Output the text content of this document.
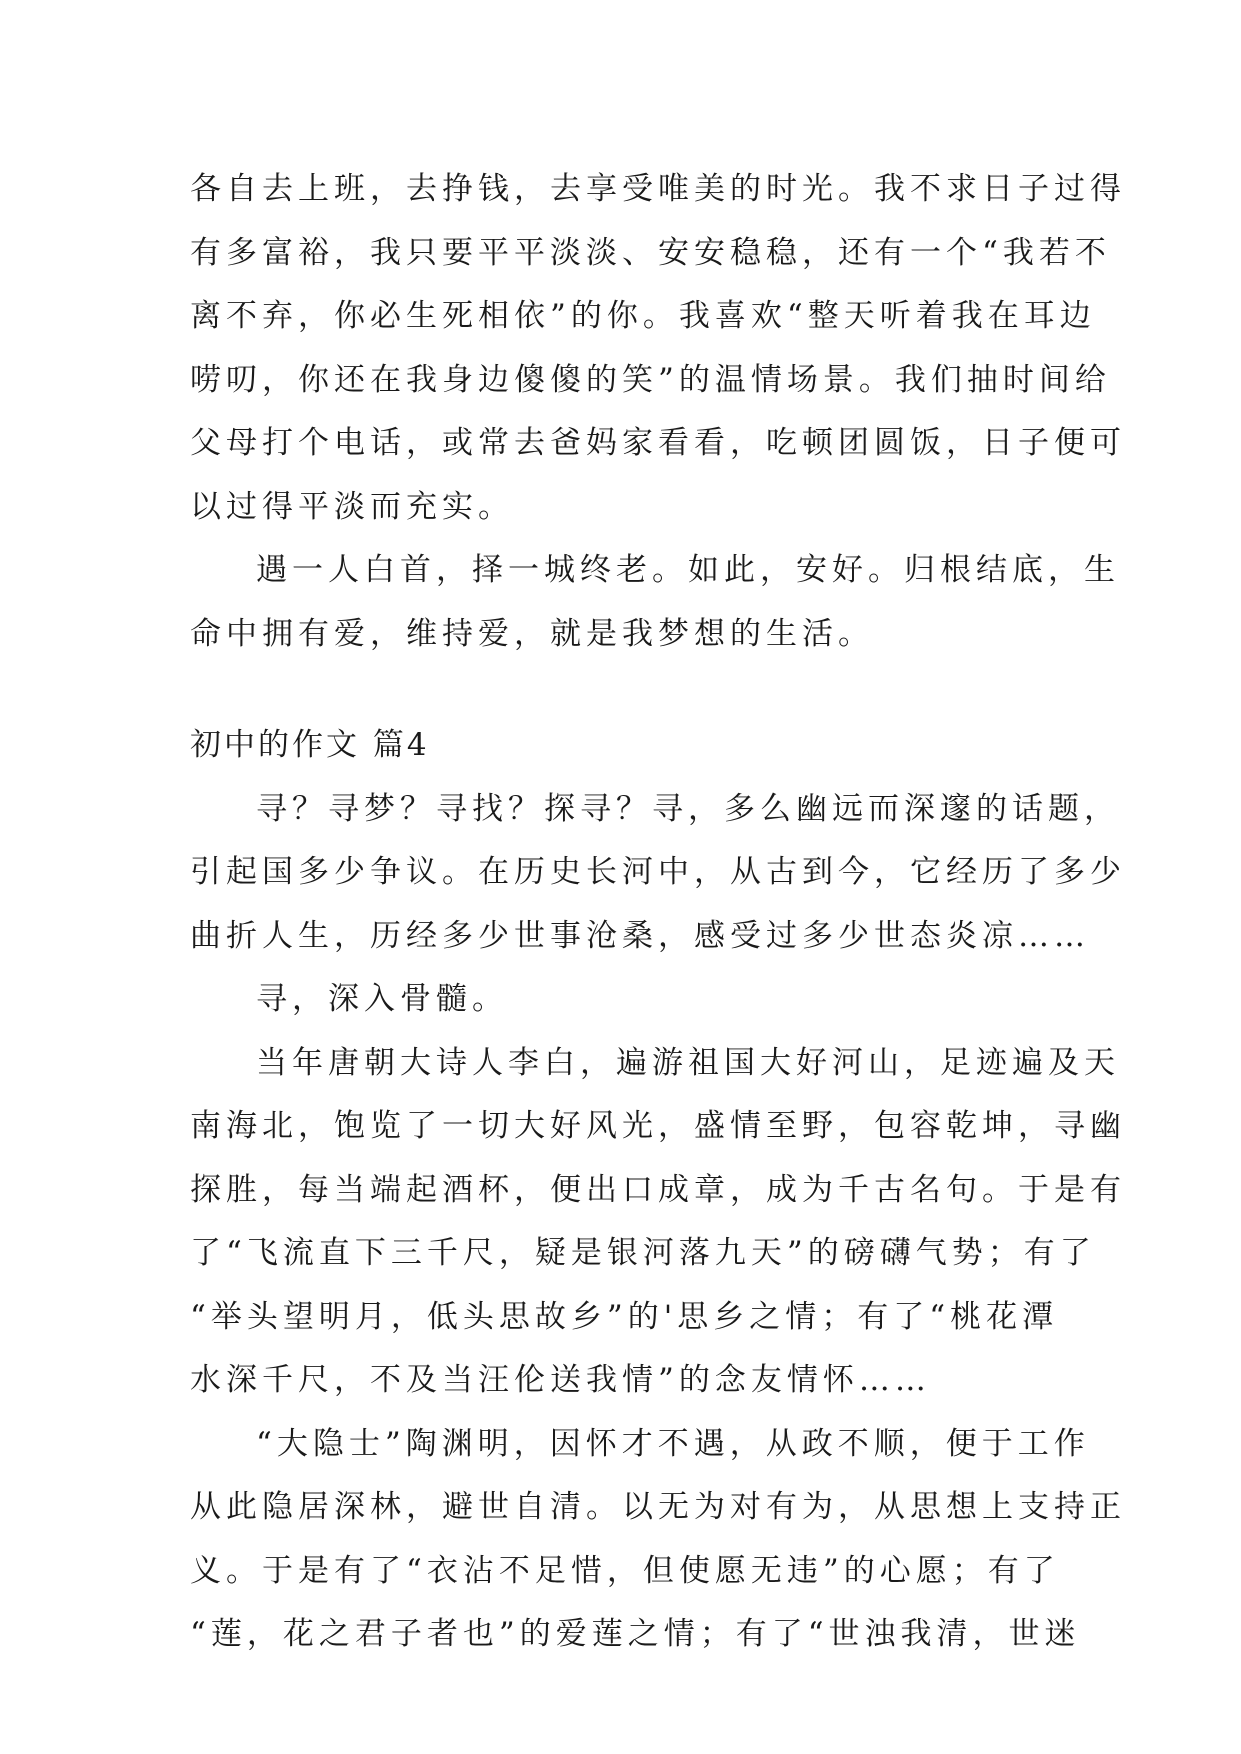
各自去上班，去挣钱，去享受唯美的时光。我不求日子过得
有多富裕，我只要平平淡淡、安安稳稳，还有一个“我若不
离不弃，你必生死相依”的你。我喜欢“整天听着我在耳边
唠叨，你还在我身边傻傻的笑”的温情场景。我们抽时间给
父母打个电话，或常去爸妈家看看，吃顿团圆饭，日子便可
以过得平淡而充实。
遇一人白首，择一城终老。如此，安好。归根结底，生
命中拥有爱，维持爱，就是我梦想的生活。
初中的作文 篇4
寻？寻梦？寻找？探寻？寻，多么幽远而深邃的话题，
引起国多少争议。在历史长河中，从古到今，它经历了多少
曲折人生，历经多少世事沧桑，感受过多少世态炎凉……
寻，深入骨髓。
当年唐朝大诗人李白，遍游祖国大好河山，足迹遍及天
南海北，饱览了一切大好风光，盛情至野，包容乾坤，寻幽
探胜，每当端起酒杯，便出口成章，成为千古名句。于是有
了“飞流直下三千尺，疑是银河落九天”的磅礴气势；有了
“举头望明月，低头思故乡”的'思乡之情；有了“桃花潭
水深千尺，不及当汪伦送我情”的念友情怀……
“大隐士”陶渊明，因怀才不遇，从政不顺，便于工作
从此隐居深林，避世自清。以无为对有为，从思想上支持正
义。于是有了“衣沾不足惜，但使愿无违”的心愿；有了
“莲，花之君子者也”的爱莲之情；有了“世浊我清，世迷
